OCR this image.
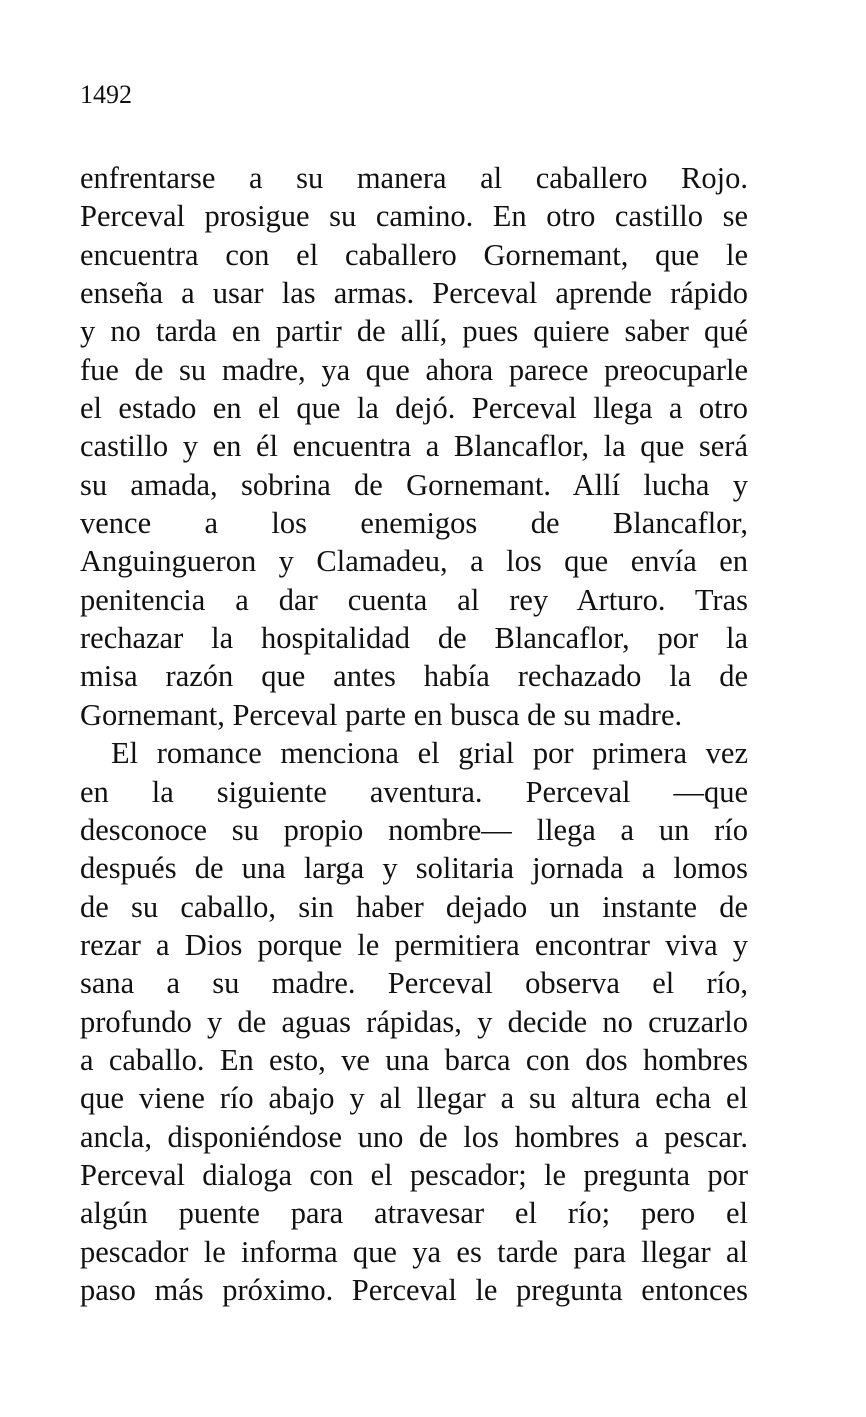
1492
enfrentarse a su manera al caballero Rojo.
Perceval prosigue su camino. En otro castillo se
encuentra con el caballero Gornemant, que le
enseña a usar las armas. Perceval aprende rápido
y no tarda en partir de allí, pues quiere saber qué
fue de su madre, ya que ahora parece preocuparle
el estado en el que la dejó. Perceval llega a otro
castillo y en él encuentra a Blancaflor, la que será
su amada, sobrina de Gornemant. Allí lucha y
vence a los enemigos de Blancaflor,
Anguingueron y Clamadeu, a los que envía en
penitencia a dar cuenta al rey Arturo. Tras
rechazar la hospitalidad de Blancaflor, por la
misa razón que antes había rechazado la de
Gornemant, Perceval parte en busca de su madre.
El romance menciona el grial por primera vez
en la siguiente aventura. Perceval —que
desconoce su propio nombre— llega a un río
después de una larga y solitaria jornada a lomos
de su caballo, sin haber dejado un instante de
rezar a Dios porque le permitiera encontrar viva y
sana a su madre. Perceval observa el río,
profundo y de aguas rápidas, y decide no cruzarlo
a caballo. En esto, ve una barca con dos hombres
que viene río abajo y al llegar a su altura echa el
ancla, disponiéndose uno de los hombres a pescar.
Perceval dialoga con el pescador; le pregunta por
algún puente para atravesar el río; pero el
pescador le informa que ya es tarde para llegar al
paso más próximo. Perceval le pregunta entonces
